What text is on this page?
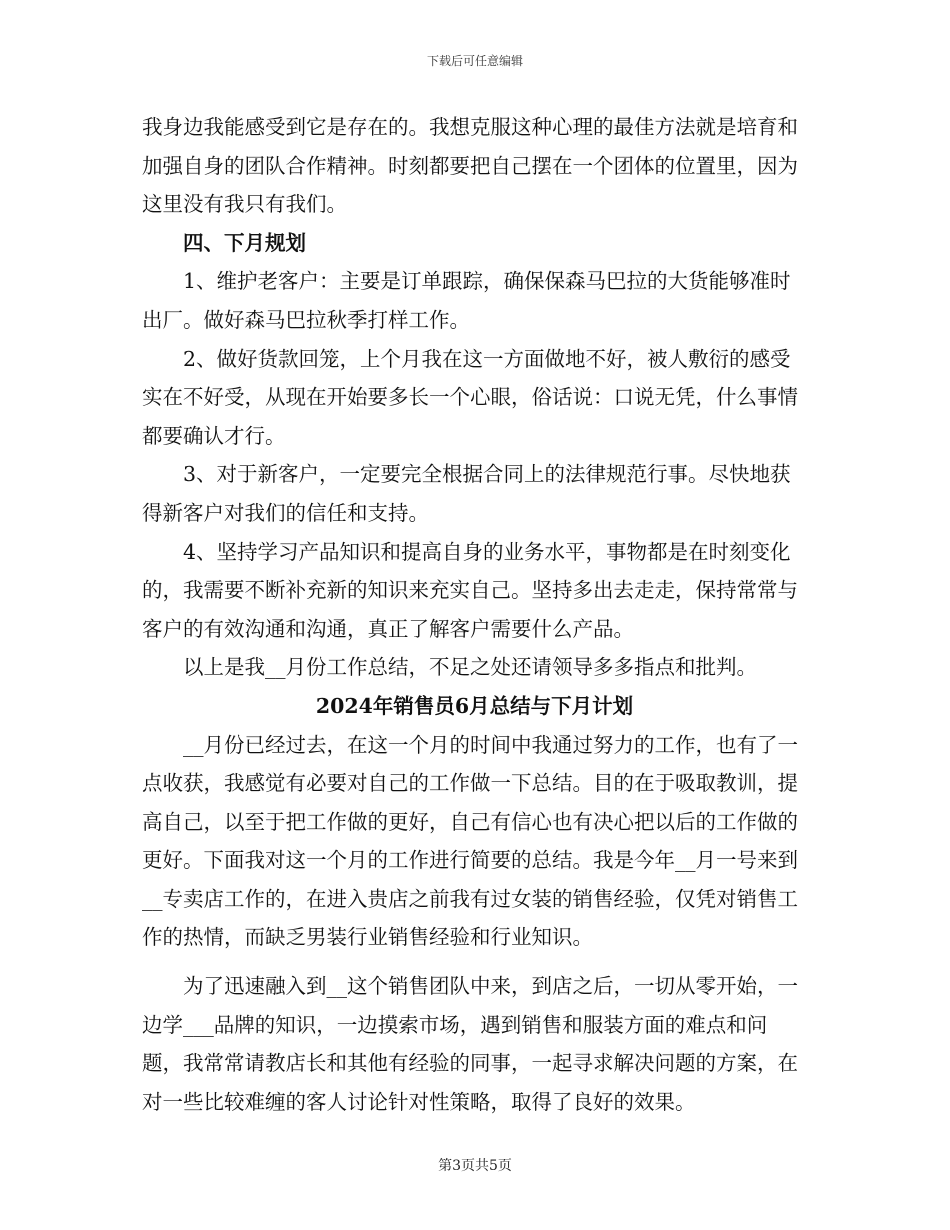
下载后可任意编辑

我身边我能感受到它是存在的。我想克服这种心理的最佳方法就是培育和加强自身的团队合作精神。时刻都要把自己摆在一个团体的位置里，因为这里没有我只有我们。

四、下月规划

1、维护老客户：主要是订单跟踪，确保保森马巴拉的大货能够准时出厂。做好森马巴拉秋季打样工作。

2、做好货款回笼，上个月我在这一方面做地不好，被人敷衍的感受实在不好受，从现在开始要多长一个心眼，俗话说：口说无凭，什么事情都要确认才行。

3、对于新客户，一定要完全根据合同上的法律规范行事。尽快地获得新客户对我们的信任和支持。

4、坚持学习产品知识和提高自身的业务水平，事物都是在时刻变化的，我需要不断补充新的知识来充实自己。坚持多出去走走，保持常常与客户的有效沟通和沟通，真正了解客户需要什么产品。

以上是我__月份工作总结，不足之处还请领导多多指点和批判。

2024年销售员6月总结与下月计划

__月份已经过去，在这一个月的时间中我通过努力的工作，也有了一点收获，我感觉有必要对自己的工作做一下总结。目的在于吸取教训，提高自己，以至于把工作做的更好，自己有信心也有决心把以后的工作做的更好。下面我对这一个月的工作进行简要的总结。我是今年__月一号来到__专卖店工作的，在进入贵店之前我有过女装的销售经验，仅凭对销售工作的热情，而缺乏男装行业销售经验和行业知识。

为了迅速融入到__这个销售团队中来，到店之后，一切从零开始，一边学___品牌的知识，一边摸索市场，遇到销售和服装方面的难点和问题，我常常请教店长和其他有经验的同事，一起寻求解决问题的方案，在对一些比较难缠的客人讨论针对性策略，取得了良好的效果。

第3页共5页
